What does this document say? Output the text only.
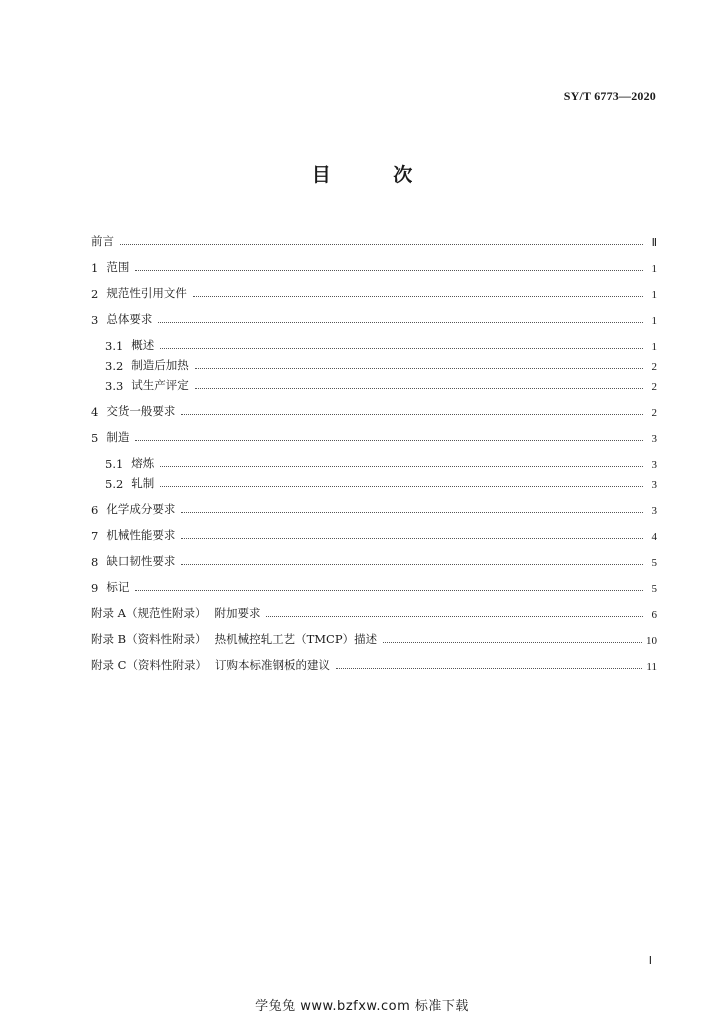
SY/T 6773—2020
目 次
前言	Ⅱ
1 范围	1
2 规范性引用文件	1
3 总体要求	1
3.1 概述	1
3.2 制造后加热	2
3.3 试生产评定	2
4 交货一般要求	2
5 制造	3
5.1 熔炼	3
5.2 轧制	3
6 化学成分要求	3
7 机械性能要求	4
8 缺口韧性要求	5
9 标记	5
附录 A（规范性附录） 附加要求	6
附录 B（资料性附录） 热机械控轧工艺（TMCP）描述	10
附录 C（资料性附录） 订购本标准钢板的建议	11
Ⅰ
学兔兔 www.bzfxw.com 标准下载
